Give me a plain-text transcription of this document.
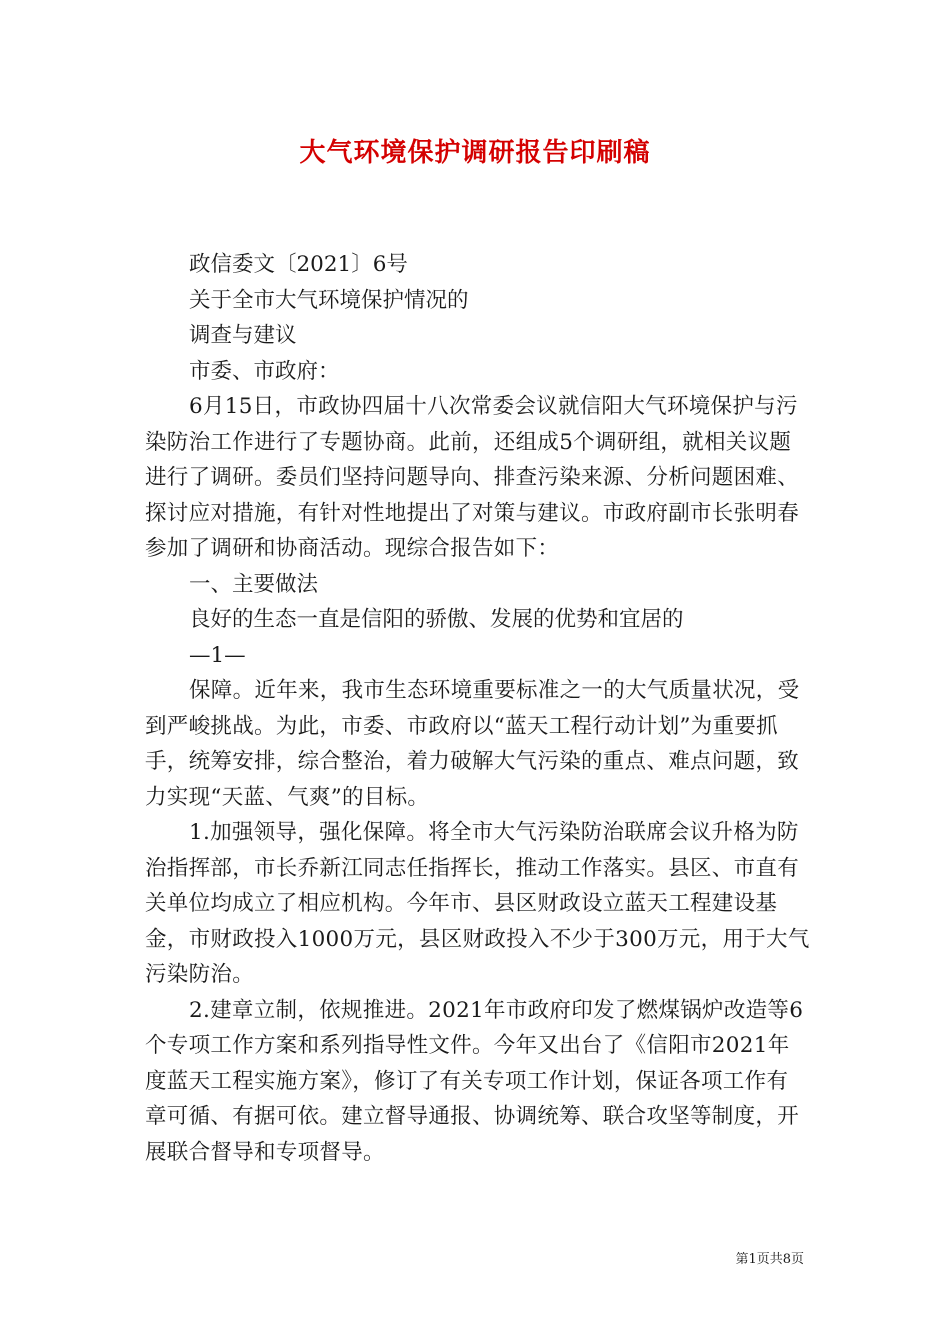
大气环境保护调研报告印刷稿

政信委文〔2021〕6号

关于全市大气环境保护情况的

调查与建议

市委、市政府：

6月15日，市政协四届十八次常委会议就信阳大气环境保护与污染防治工作进行了专题协商。此前，还组成5个调研组，就相关议题进行了调研。委员们坚持问题导向、排查污染来源、分析问题困难、探讨应对措施，有针对性地提出了对策与建议。市政府副市长张明春参加了调研和协商活动。现综合报告如下：

一、主要做法

良好的生态一直是信阳的骄傲、发展的优势和宜居的

—1—

保障。近年来，我市生态环境重要标准之一的大气质量状况，受到严峻挑战。为此，市委、市政府以“蓝天工程行动计划”为重要抓手，统筹安排，综合整治，着力破解大气污染的重点、难点问题，致力实现“天蓝、气爽”的目标。

1.加强领导，强化保障。将全市大气污染防治联席会议升格为防治指挥部，市长乔新江同志任指挥长，推动工作落实。县区、市直有关单位均成立了相应机构。今年市、县区财政设立蓝天工程建设基金，市财政投入1000万元，县区财政投入不少于300万元，用于大气污染防治。

2.建章立制，依规推进。2021年市政府印发了燃煤锅炉改造等6个专项工作方案和系列指导性文件。今年又出台了《信阳市2021年度蓝天工程实施方案》，修订了有关专项工作计划，保证各项工作有章可循、有据可依。建立督导通报、协调统筹、联合攻坚等制度，开展联合督导和专项督导。

第1页共8页
